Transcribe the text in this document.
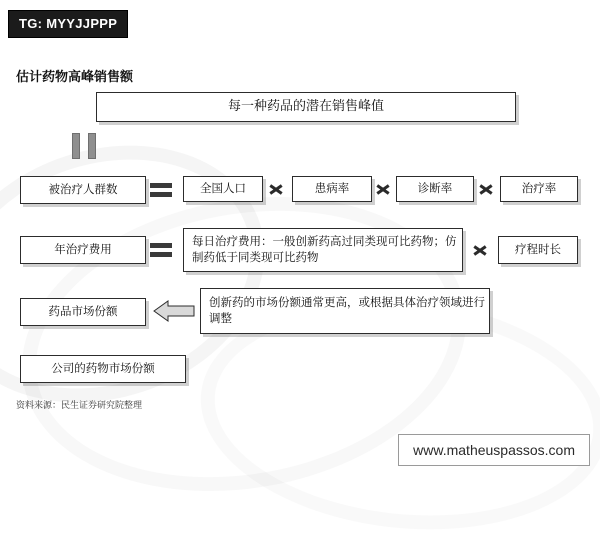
TG: MYYJJPPP
估计药物高峰销售额
每一种药品的潜在销售峰值
被治疗人群数	全国人口	患病率	诊断率	治疗率
年治疗费用
每日治疗费用：一般创新药高过同类现可比药物；仿制药低于同类现可比药物
疗程时长
药品市场份额
创新药的市场份额通常更高，或根据具体治疗领域进行调整
公司的药物市场份额
资料来源：民生证券研究院整理
www.matheuspassos.com
